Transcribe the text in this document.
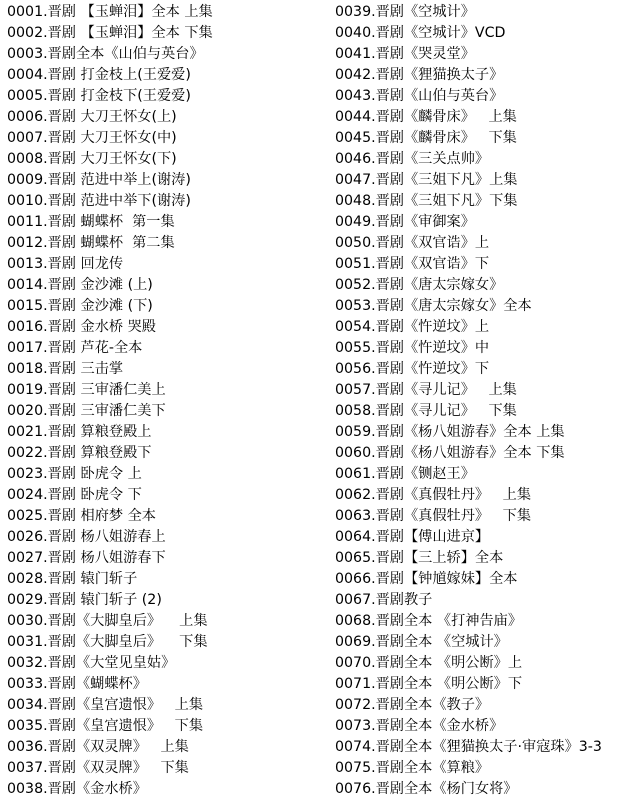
0001.晋剧 【玉蝉泪】全本 上集
0002.晋剧 【玉蝉泪】全本 下集
0003.晋剧全本《山伯与英台》
0004.晋剧 打金枝上(王爱爱)
0005.晋剧 打金枝下(王爱爱)
0006.晋剧 大刀王怀女(上)
0007.晋剧 大刀王怀女(中)
0008.晋剧 大刀王怀女(下)
0009.晋剧 范进中举上(谢涛)
0010.晋剧 范进中举下(谢涛)
0011.晋剧 蝴蝶杯  第一集
0012.晋剧 蝴蝶杯  第二集
0013.晋剧 回龙传
0014.晋剧 金沙滩 (上)
0015.晋剧 金沙滩 (下)
0016.晋剧 金水桥 哭殿
0017.晋剧 芦花-全本
0018.晋剧 三击掌
0019.晋剧 三审潘仁美上
0020.晋剧 三审潘仁美下
0021.晋剧 算粮登殿上
0022.晋剧 算粮登殿下
0023.晋剧 卧虎令 上
0024.晋剧 卧虎令 下
0025.晋剧 相府梦 全本
0026.晋剧 杨八姐游春上
0027.晋剧 杨八姐游春下
0028.晋剧 辕门斩子
0029.晋剧 辕门斩子 (2)
0030.晋剧《大脚皇后》    上集
0031.晋剧《大脚皇后》    下集
0032.晋剧《大堂见皇姑》
0033.晋剧《蝴蝶杯》
0034.晋剧《皇宫遗恨》   上集
0035.晋剧《皇宫遗恨》   下集
0036.晋剧《双灵牌》   上集
0037.晋剧《双灵牌》   下集
0038.晋剧《金水桥》
0039.晋剧《空城计》
0040.晋剧《空城计》VCD
0041.晋剧《哭灵堂》
0042.晋剧《狸猫换太子》
0043.晋剧《山伯与英台》
0044.晋剧《麟骨床》   上集
0045.晋剧《麟骨床》   下集
0046.晋剧《三关点帅》
0047.晋剧《三姐下凡》上集
0048.晋剧《三姐下凡》下集
0049.晋剧《审御案》
0050.晋剧《双官诰》上
0051.晋剧《双官诰》下
0052.晋剧《唐太宗嫁女》
0053.晋剧《唐太宗嫁女》全本
0054.晋剧《忤逆坟》上
0055.晋剧《忤逆坟》中
0056.晋剧《忤逆坟》下
0057.晋剧《寻儿记》   上集
0058.晋剧《寻儿记》   下集
0059.晋剧《杨八姐游春》全本 上集
0060.晋剧《杨八姐游春》全本 下集
0061.晋剧《铡赵王》
0062.晋剧《真假牡丹》   上集
0063.晋剧《真假牡丹》   下集
0064.晋剧【傅山进京】
0065.晋剧【三上轿】全本
0066.晋剧【钟馗嫁妹】全本
0067.晋剧教子
0068.晋剧全本 《打神告庙》
0069.晋剧全本 《空城计》
0070.晋剧全本 《明公断》上
0071.晋剧全本 《明公断》下
0072.晋剧全本《教子》
0073.晋剧全本《金水桥》
0074.晋剧全本《狸猫换太子·审寇珠》3-3
0075.晋剧全本《算粮》
0076.晋剧全本《杨门女将》
